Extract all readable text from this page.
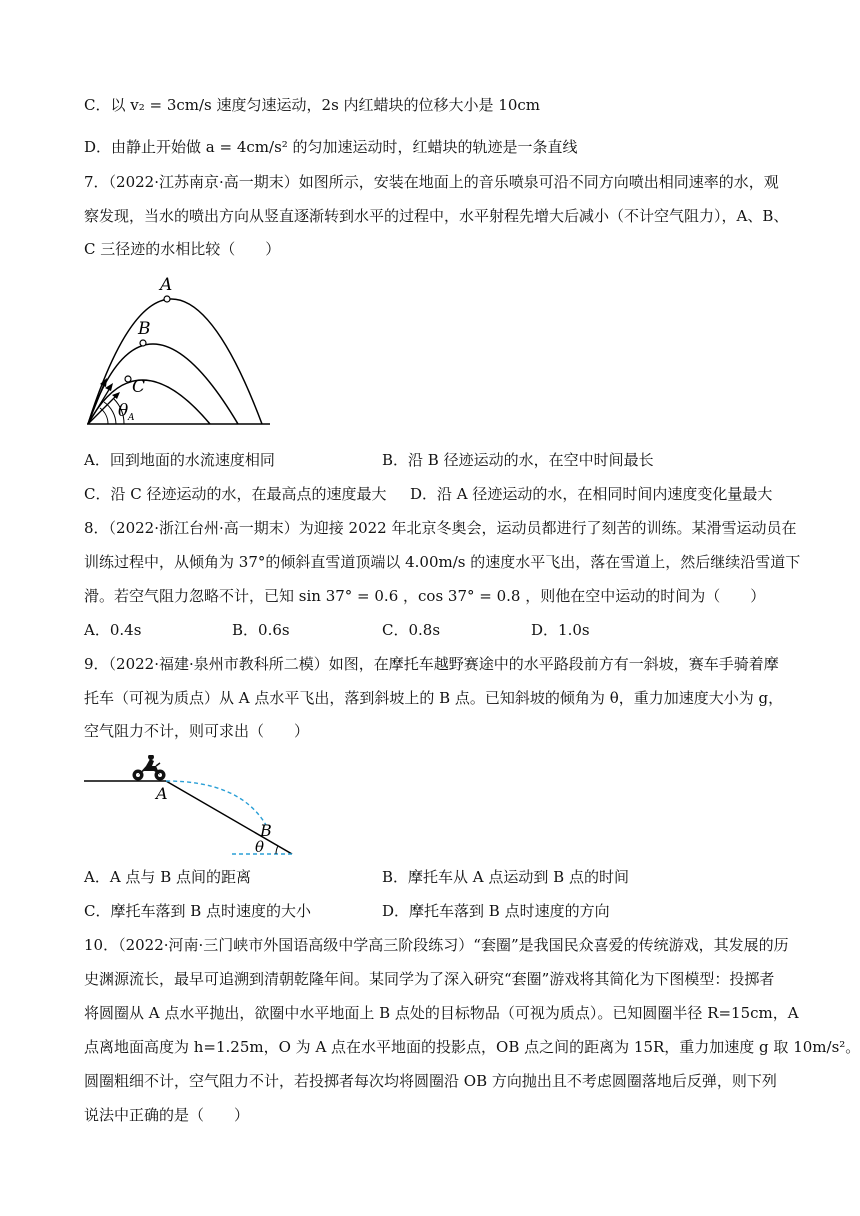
C．以 v₂ = 3cm/s 速度匀速运动，2s 内红蜡块的位移大小是 10cm
D．由静止开始做 a = 4cm/s² 的匀加速运动时，红蜡块的轨迹是一条直线
7．（2022·江苏南京·高一期末）如图所示，安装在地面上的音乐喷泉可沿不同方向喷出相同速率的水，观
察发现，当水的喷出方向从竖直逐渐转到水平的过程中，水平射程先增大后减小（不计空气阻力），A、B、
C 三径迹的水相比较（　　）
A
B
C
θ A
A．回到地面的水流速度相同	B．沿 B 径迹运动的水，在空中时间最长
C．沿 C 径迹运动的水，在最高点的速度最大 D．沿 A 径迹运动的水，在相同时间内速度变化量最大
8．（2022·浙江台州·高一期末）为迎接 2022 年北京冬奥会，运动员都进行了刻苦的训练。某滑雪运动员在
训练过程中，从倾角为 37°的倾斜直雪道顶端以 4.00m/s 的速度水平飞出，落在雪道上，然后继续沿雪道下
滑。若空气阻力忽略不计，已知 sin 37° = 0.6 ，cos 37° = 0.8 ，则他在空中运动的时间为（　　）
A．0.4s	B．0.6s	C．0.8s	D．1.0s
9．（2022·福建·泉州市教科所二模）如图，在摩托车越野赛途中的水平路段前方有一斜坡，赛车手骑着摩
托车（可视为质点）从 A 点水平飞出，落到斜坡上的 B 点。已知斜坡的倾角为 θ，重力加速度大小为 g，
空气阻力不计，则可求出（　　）
A
B
θ
A．A 点与 B 点间的距离	B．摩托车从 A 点运动到 B 点的时间
C．摩托车落到 B 点时速度的大小	D．摩托车落到 B 点时速度的方向
10．（2022·河南·三门峡市外国语高级中学高三阶段练习）“套圈”是我国民众喜爱的传统游戏，其发展的历
史渊源流长，最早可追溯到清朝乾隆年间。某同学为了深入研究“套圈”游戏将其简化为下图模型：投掷者
将圆圈从 A 点水平抛出，欲圈中水平地面上 B 点处的目标物品（可视为质点）。已知圆圈半径 R=15cm，A
点离地面高度为 h=1.25m，O 为 A 点在水平地面的投影点，OB 点之间的距离为 15R，重力加速度 g 取 10m/s²。
圆圈粗细不计，空气阻力不计，若投掷者每次均将圆圈沿 OB 方向抛出且不考虑圆圈落地后反弹，则下列
说法中正确的是（　　）
